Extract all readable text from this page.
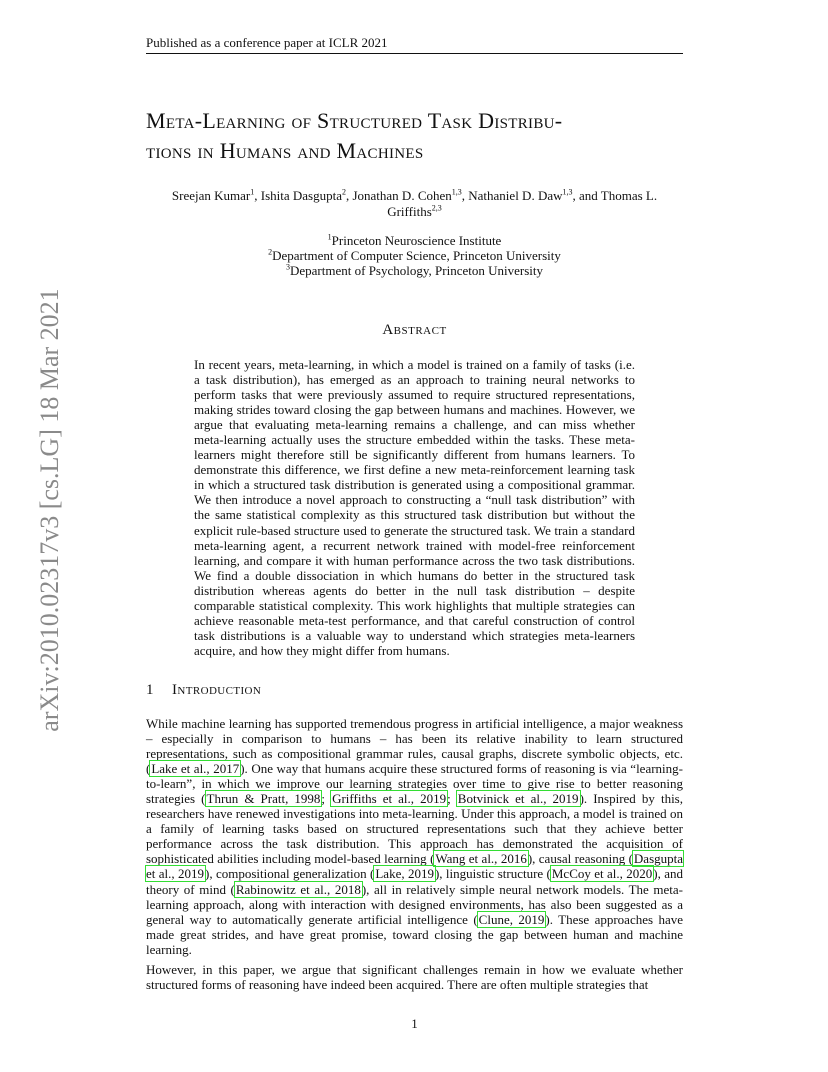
Published as a conference paper at ICLR 2021
arXiv:2010.02317v3 [cs.LG] 18 Mar 2021
Meta-Learning of Structured Task Distribu-
tions in Humans and Machines
Sreejan Kumar$^1$, Ishita Dasgupta$^2$, Jonathan D. Cohen$^{1,3}$, Nathaniel D. Daw$^{1,3}$, and Thomas L. Griffiths$^{2,3}$
$^1$Princeton Neuroscience Institute
$^2$Department of Computer Science, Princeton University
$^3$Department of Psychology, Princeton University
Abstract
In recent years, meta-learning, in which a model is trained on a family of tasks (i.e. a task distribution), has emerged as an approach to training neural networks to perform tasks that were previously assumed to require structured representations, making strides toward closing the gap between humans and machines. However, we argue that evaluating meta-learning remains a challenge, and can miss whether meta-learning actually uses the structure embedded within the tasks. These meta-learners might therefore still be significantly different from humans learners. To demonstrate this difference, we first define a new meta-reinforcement learning task in which a structured task distribution is generated using a compositional grammar. We then introduce a novel approach to constructing a “null task distribution” with the same statistical complexity as this structured task distribution but without the explicit rule-based structure used to generate the structured task. We train a standard meta-learning agent, a recurrent network trained with model-free reinforcement learning, and compare it with human performance across the two task distributions. We find a double dissociation in which humans do better in the structured task distribution whereas agents do better in the null task distribution – despite comparable statistical complexity. This work highlights that multiple strategies can achieve reasonable meta-test performance, and that careful construction of control task distributions is a valuable way to understand which strategies meta-learners acquire, and how they might differ from humans.
1 Introduction
While machine learning has supported tremendous progress in artificial intelligence, a major weakness – especially in comparison to humans – has been its relative inability to learn structured representations, such as compositional grammar rules, causal graphs, discrete symbolic objects, etc. (Lake et al., 2017). One way that humans acquire these structured forms of reasoning is via “learning-to-learn”, in which we improve our learning strategies over time to give rise to better reasoning strategies (Thrun & Pratt, 1998; Griffiths et al., 2019; Botvinick et al., 2019). Inspired by this, researchers have renewed investigations into meta-learning. Under this approach, a model is trained on a family of learning tasks based on structured representations such that they achieve better performance across the task distribution. This approach has demonstrated the acquisition of sophisticated abilities including model-based learning (Wang et al., 2016), causal reasoning (Dasgupta et al., 2019), compositional generalization (Lake, 2019), linguistic structure (McCoy et al., 2020), and theory of mind (Rabinowitz et al., 2018), all in relatively simple neural network models. The meta-learning approach, along with interaction with designed environments, has also been suggested as a general way to automatically generate artificial intelligence (Clune, 2019). These approaches have made great strides, and have great promise, toward closing the gap between human and machine learning.
However, in this paper, we argue that significant challenges remain in how we evaluate whether structured forms of reasoning have indeed been acquired. There are often multiple strategies that
1
